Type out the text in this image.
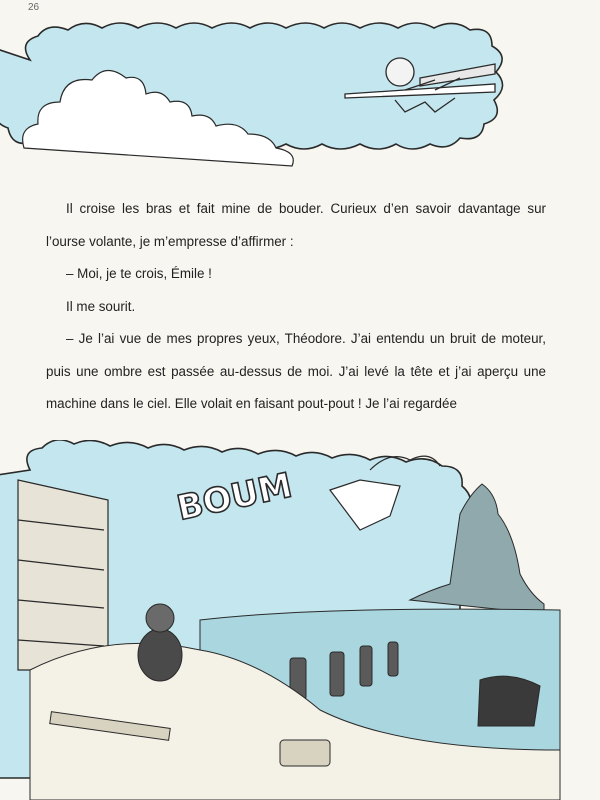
26

Il croise les bras et fait mine de bouder. Curieux d’en savoir davantage sur l’ourse volante, je m’empresse d’affirmer :

– Moi, je te crois, Émile !

Il me sourit.

– Je l’ai vue de mes propres yeux, Théodore. J’ai entendu un bruit de moteur, puis une ombre est passée au-dessus de moi. J’ai levé la tête et j’ai aperçu une machine dans le ciel. Elle volait en faisant pout-pout ! Je l’ai regardée

BOUM
